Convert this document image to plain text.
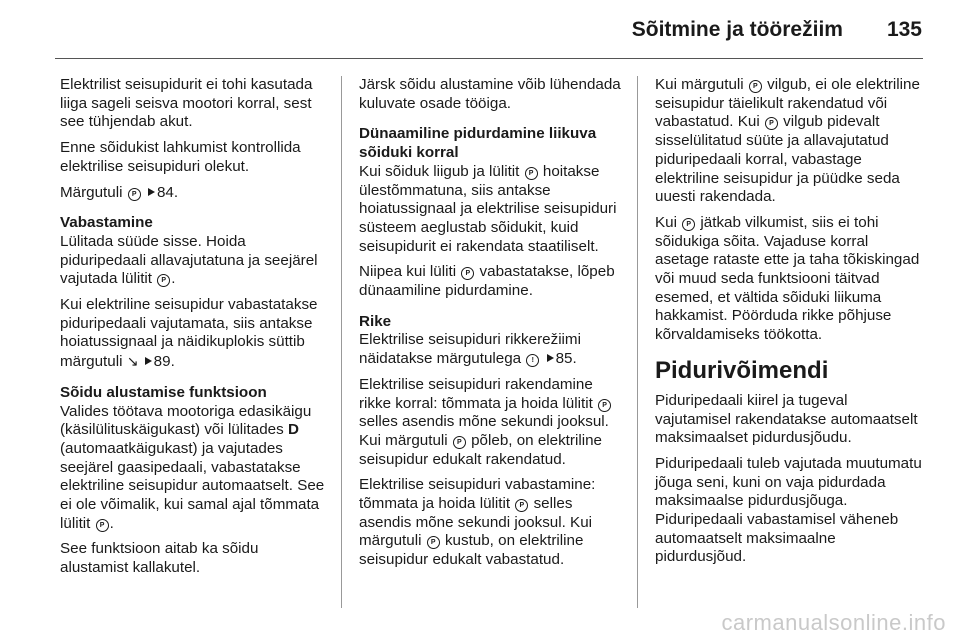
Sõitmine ja töörežiim 135

Elektrilist seisupidurit ei tohi kasutada liiga sageli seisva mootori korral, sest see tühjendab akut.

Enne sõidukist lahkumist kontrollida elektrilise seisupiduri olekut.

Märgutuli P 84.

Vabastamine

Lülitada süüde sisse. Hoida piduripedaali allavajutatuna ja seejärel vajutada lülitit P .

Kui elektriline seisupidur vabastatakse piduripedaali vajutamata, siis antakse hoiatussignaal ja näidikuplokis süttib märgutuli ↘ 89.

Sõidu alustamise funktsioon

Valides töötava mootoriga edasikäigu (käsilülituskäigukast) või lülitades D (automaatkäigukast) ja vajutades seejärel gaasipedaali, vabastatakse elektriline seisupidur automaatselt. See ei ole võimalik, kui samal ajal tõmmata lülitit P .

See funktsioon aitab ka sõidu alustamist kallakutel.

Järsk sõidu alustamine võib lühendada kuluvate osade tööiga.

Dünaamiline pidurdamine liikuva sõiduki korral

Kui sõiduk liigub ja lülitit P hoitakse ülestõmmatuna, siis antakse hoiatussignaal ja elektrilise seisupiduri süsteem aeglustab sõidukit, kuid seisupidurit ei rakendata staatiliselt.

Niipea kui lüliti P vabastatakse, lõpeb dünaamiline pidurdamine.

Rike

Elektrilise seisupiduri rikkerežiimi näidatakse märgutulega ! 85.

Elektrilise seisupiduri rakendamine rikke korral: tõmmata ja hoida lülitit P selles asendis mõne sekundi jooksul. Kui märgutuli P põleb, on elektriline seisupidur edukalt rakendatud.

Elektrilise seisupiduri vabastamine: tõmmata ja hoida lülitit P selles asendis mõne sekundi jooksul. Kui märgutuli P kustub, on elektriline seisupidur edukalt vabastatud.

Kui märgutuli P vilgub, ei ole elektriline seisupidur täielikult rakendatud või vabastatud. Kui P vilgub pidevalt sisselülitatud süüte ja allavajutatud piduripedaali korral, vabastage elektriline seisupidur ja püüdke seda uuesti rakendada.

Kui P jätkab vilkumist, siis ei tohi sõidukiga sõita. Vajaduse korral asetage rataste ette ja taha tõkiskingad või muud seda funktsiooni täitvad esemed, et vältida sõiduki liikuma hakkamist. Pöörduda rikke põhjuse kõrvaldamiseks töökotta.

Pidurivõimendi

Piduripedaali kiirel ja tugeval vajutamisel rakendatakse automaatselt maksimaalset pidurdusjõudu.

Piduripedaali tuleb vajutada muutumatu jõuga seni, kuni on vaja pidurdada maksimaalse pidurdusjõuga. Piduripedaali vabastamisel väheneb automaatselt maksimaalne pidurdusjõud.

carmanualsonline.info
